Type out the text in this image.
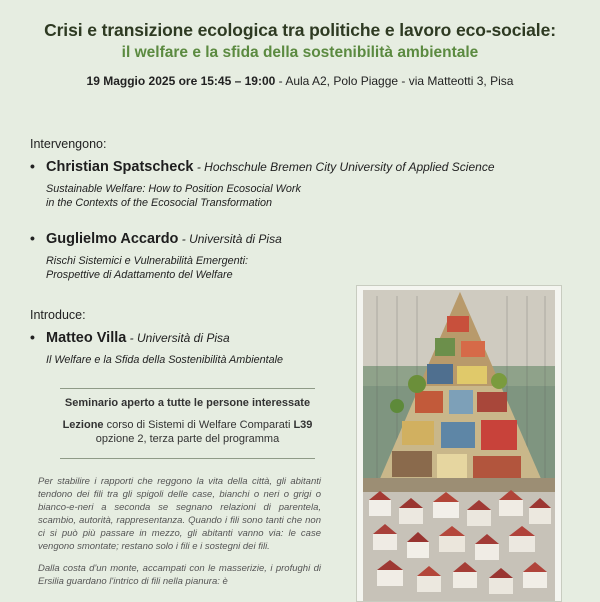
Crisi e transizione ecologica tra politiche e lavoro eco-sociale:
il welfare e la sfida della sostenibilità ambientale
19 Maggio 2025 ore 15:45 – 19:00 - Aula A2, Polo Piagge - via Matteotti 3, Pisa
Intervengono:
• Christian Spatscheck - Hochschule Bremen City University of Applied Science
Sustainable Welfare: How to Position Ecosocial Work
in the Contexts of the Ecosocial Transformation
• Guglielmo Accardo - Università di Pisa
Rischi Sistemici e Vulnerabilità Emergenti:
Prospettive di Adattamento del Welfare
Introduce:
• Matteo Villa - Università di Pisa
Il Welfare e la Sfida della Sostenibilità Ambientale
Seminario aperto a tutte le persone interessate
Lezione corso di Sistemi di Welfare Comparati L39
opzione 2, terza parte del programma

Per stabilire i rapporti che reggono la vita della città, gli abitanti tendono dei fili tra gli spigoli delle case, bianchi o neri o grigi o bianco-e-neri a seconda se segnano relazioni di parentela, scambio, autorità, rappresentanza. Quando i fili sono tanti che non ci si può più passare in mezzo, gli abitanti vanno via: le case vengono smontate; restano solo i fili e i sostegni dei fili.

Dalla costa d'un monte, accampati con le masserizie, i profughi di Ersilia guardano l'intrico di fili nella pianura: è
